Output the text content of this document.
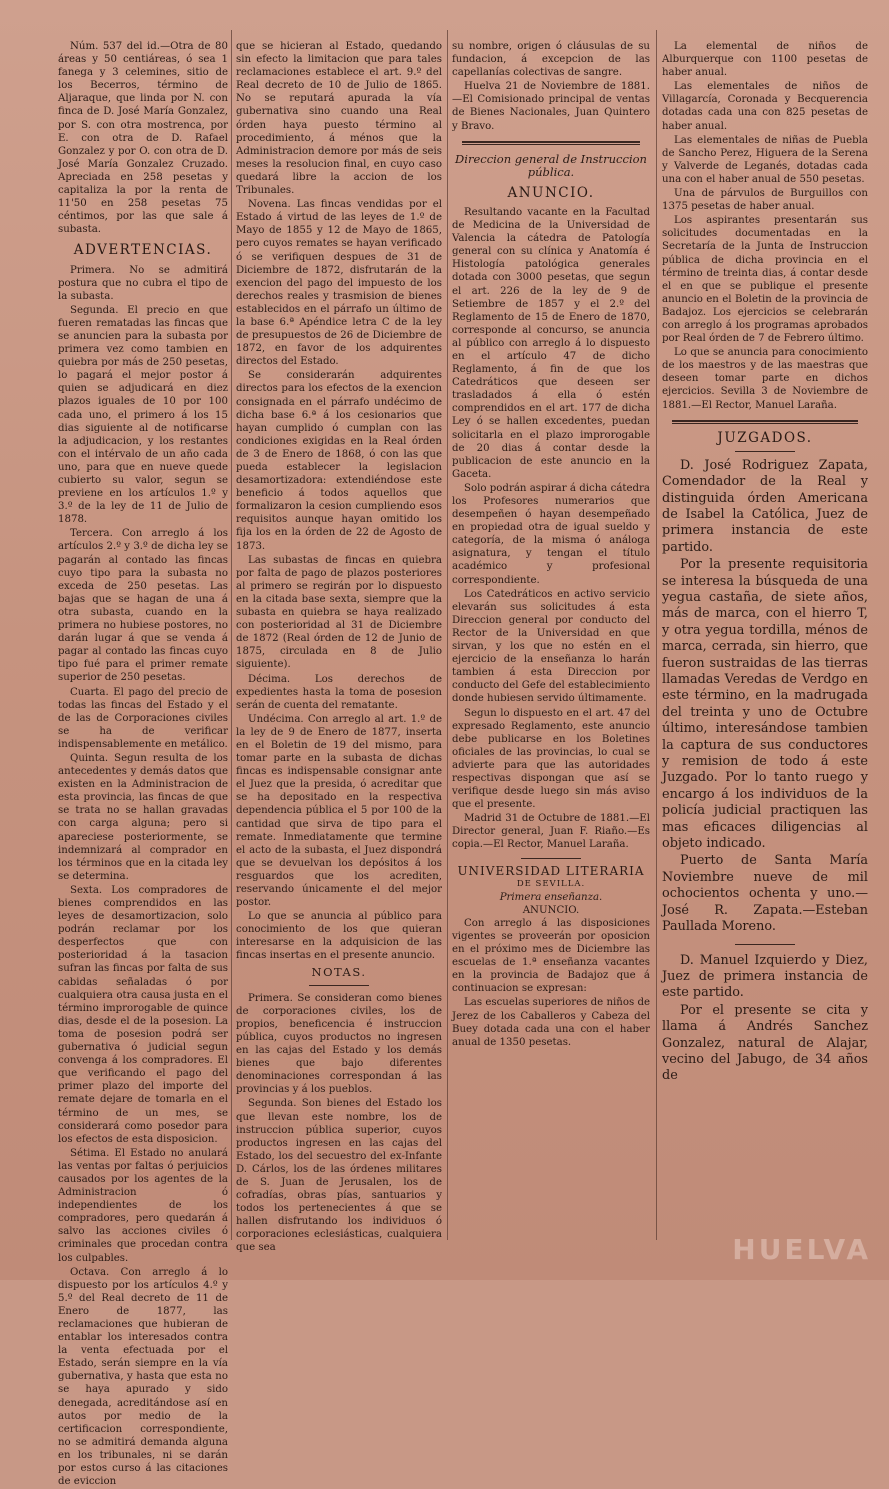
Núm. 537 del id.—Otra de 80 áreas y 50 centiáreas, ó sea 1 fanega y 3 celemines, sitio de los Becerros, término de Aljaraque, que linda por N. con finca de D. José María Gonzalez, por S. con otra mostrenca, por E. con otra de D. Rafael Gonzalez y por O. con otra de D. José María Gonzalez Cruzado. Apreciada en 258 pesetas y capitaliza la por la renta de 11'50 en 258 pesetas 75 céntimos, por las que sale á subasta.

ADVERTENCIAS.

Primera. No se admitirá postura que no cubra el tipo de la subasta.

Segunda. El precio en que fueren rematadas las fincas que se anuncien para la subasta por primera vez como tambien en quiebra por más de 250 pesetas, lo pagará el mejor postor á quien se adjudicará en diez plazos iguales de 10 por 100 cada uno, el primero á los 15 dias siguiente al de notificarse la adjudicacion, y los restantes con el intérvalo de un año cada uno, para que en nueve quede cubierto su valor, segun se previene en los artículos 1.º y 3.º de la ley de 11 de Julio de 1878.

Tercera. Con arreglo á los artículos 2.º y 3.º de dicha ley se pagarán al contado las fincas cuyo tipo para la subasta no exceda de 250 pesetas. Las bajas que se hagan de una á otra subasta, cuando en la primera no hubiese postores, no darán lugar á que se venda á pagar al contado las fincas cuyo tipo fué para el primer remate superior de 250 pesetas.

Cuarta. El pago del precio de todas las fincas del Estado y el de las de Corporaciones civiles se ha de verificar indispensablemente en metálico.

Quinta. Segun resulta de los antecedentes y demás datos que existen en la Administracion de esta provincia, las fincas de que se trata no se hallan gravadas con carga alguna; pero si apareciese posteriormente, se indemnizará al comprador en los términos que en la citada ley se determina.

Sexta. Los compradores de bienes comprendidos en las leyes de desamortizacion, solo podrán reclamar por los desperfectos que con posterioridad á la tasacion sufran las fincas por falta de sus cabidas señaladas ó por cualquiera otra causa justa en el término improrogable de quince dias, desde el de la posesion. La toma de posesion podrá ser gubernativa ó judicial segun convenga á los compradores. El que verificando el pago del primer plazo del importe del remate dejare de tomarla en el término de un mes, se considerará como posedor para los efectos de esta disposicion.

Sétima. El Estado no anulará las ventas por faltas ó perjuicios causados por los agentes de la Administracion ó independientes de los compradores, pero quedarán á salvo las acciones civiles ó criminales que procedan contra los culpables.

Octava. Con arreglo á lo dispuesto por los artículos 4.º y 5.º del Real decreto de 11 de Enero de 1877, las reclamaciones que hubieran de entablar los interesados contra la venta efectuada por el Estado, serán siempre en la vía gubernativa, y hasta que esta no se haya apurado y sido denegada, acreditándose así en autos por medio de la certificacion correspondiente, no se admitirá demanda alguna en los tribunales, ni se darán por estos curso á las citaciones de eviccion

que se hicieran al Estado, quedando sin efecto la limitacion que para tales reclamaciones establece el art. 9.º del Real decreto de 10 de Julio de 1865. No se reputará apurada la vía gubernativa sino cuando una Real órden haya puesto término al procedimiento, á ménos que la Administracion demore por más de seis meses la resolucion final, en cuyo caso quedará libre la accion de los Tribunales.

Novena. Las fincas vendidas por el Estado á virtud de las leyes de 1.º de Mayo de 1855 y 12 de Mayo de 1865, pero cuyos remates se hayan verificado ó se verifiquen despues de 31 de Diciembre de 1872, disfrutarán de la exencion del pago del impuesto de los derechos reales y trasmision de bienes establecidos en el párrafo un último de la base 6.ª Apéndice letra C de la ley de presupuestos de 26 de Diciembre de 1872, en favor de los adquirentes directos del Estado.

Se considerarán adquirentes directos para los efectos de la exencion consignada en el párrafo undécimo de dicha base 6.ª á los cesionarios que hayan cumplido ó cumplan con las condiciones exigidas en la Real órden de 3 de Enero de 1868, ó con las que pueda establecer la legislacion desamortizadora: extendiéndose este beneficio á todos aquellos que formalizaron la cesion cumpliendo esos requisitos aunque hayan omitido los fija los en la órden de 22 de Agosto de 1873.

Las subastas de fincas en quiebra por falta de pago de plazos posteriores al primero se regirán por lo dispuesto en la citada base sexta, siempre que la subasta en quiebra se haya realizado con posterioridad al 31 de Diciembre de 1872 (Real órden de 12 de Junio de 1875, circulada en 8 de Julio siguiente).

Décima. Los derechos de expedientes hasta la toma de posesion serán de cuenta del rematante.

Undécima. Con arreglo al art. 1.º de la ley de 9 de Enero de 1877, inserta en el Boletin de 19 del mismo, para tomar parte en la subasta de dichas fincas es indispensable consignar ante el Juez que la presida, ó acreditar que se ha depositado en la respectiva dependencia pública el 5 por 100 de la cantidad que sirva de tipo para el remate. Inmediatamente que termine el acto de la subasta, el Juez dispondrá que se devuelvan los depósitos á los resguardos que los acrediten, reservando únicamente el del mejor postor.

Lo que se anuncia al público para conocimiento de los que quieran interesarse en la adquisicion de las fincas insertas en el presente anuncio.

NOTAS.

Primera. Se consideran como bienes de corporaciones civiles, los de propios, beneficencia é instruccion pública, cuyos productos no ingresen en las cajas del Estado y los demás bienes que bajo diferentes denominaciones correspondan á las provincias y á los pueblos.

Segunda. Son bienes del Estado los que llevan este nombre, los de instruccion pública superior, cuyos productos ingresen en las cajas del Estado, los del secuestro del ex-Infante D. Cárlos, los de las órdenes militares de S. Juan de Jerusalen, los de cofradías, obras pías, santuarios y todos los pertenecientes á que se hallen disfrutando los individuos ó corporaciones eclesiásticas, cualquiera que sea

su nombre, origen ó cláusulas de su fundacion, á excepcion de las capellanías colectivas de sangre.

Huelva 21 de Noviembre de 1881.—El Comisionado principal de ventas de Bienes Nacionales, Juan Quintero y Bravo.

Direccion general de Instruccion pública.
ANUNCIO.

Resultando vacante en la Facultad de Medicina de la Universidad de Valencia la cátedra de Patología general con su clínica y Anatomía é Histología patológica generales dotada con 3000 pesetas, que segun el art. 226 de la ley de 9 de Setiembre de 1857 y el 2.º del Reglamento de 15 de Enero de 1870, corresponde al concurso, se anuncia al público con arreglo á lo dispuesto en el artículo 47 de dicho Reglamento, á fin de que los Catedráticos que deseen ser trasladados á ella ó estén comprendidos en el art. 177 de dicha Ley ó se hallen excedentes, puedan solicitarla en el plazo improrogable de 20 dias á contar desde la publicacion de este anuncio en la Gaceta.

Solo podrán aspirar á dicha cátedra los Profesores numerarios que desempeñen ó hayan desempeñado en propiedad otra de igual sueldo y categoría, de la misma ó análoga asignatura, y tengan el título académico y profesional correspondiente.

Los Catedráticos en activo servicio elevarán sus solicitudes á esta Direccion general por conducto del Rector de la Universidad en que sirvan, y los que no estén en el ejercicio de la enseñanza lo harán tambien á esta Direccion por conducto del Gefe del establecimiento donde hubiesen servido últimamente.

Segun lo dispuesto en el art. 47 del expresado Reglamento, este anuncio debe publicarse en los Boletines oficiales de las provincias, lo cual se advierte para que las autoridades respectivas dispongan que así se verifique desde luego sin más aviso que el presente.

Madrid 31 de Octubre de 1881.—El Director general, Juan F. Riaño.—Es copia.—El Rector, Manuel Laraña.

UNIVERSIDAD LITERARIA
DE SEVILLA.
Primera enseñanza.
ANUNCIO.

Con arreglo á las disposiciones vigentes se proveerán por oposicion en el próximo mes de Diciembre las escuelas de 1.ª enseñanza vacantes en la provincia de Badajoz que á continuacion se expresan:

Las escuelas superiores de niños de Jerez de los Caballeros y Cabeza del Buey dotada cada una con el haber anual de 1350 pesetas.

La elemental de niños de Alburquerque con 1100 pesetas de haber anual.

Las elementales de niños de Villagarcía, Coronada y Becquerencia dotadas cada una con 825 pesetas de haber anual.

Las elementales de niñas de Puebla de Sancho Perez, Higuera de la Serena y Valverde de Leganés, dotadas cada una con el haber anual de 550 pesetas.

Una de párvulos de Burguillos con 1375 pesetas de haber anual.

Los aspirantes presentarán sus solicitudes documentadas en la Secretaría de la Junta de Instruccion pública de dicha provincia en el término de treinta dias, á contar desde el en que se publique el presente anuncio en el Boletin de la provincia de Badajoz. Los ejercicios se celebrarán con arreglo á los programas aprobados por Real órden de 7 de Febrero último.

Lo que se anuncia para conocimiento de los maestros y de las maestras que deseen tomar parte en dichos ejercicios. Sevilla 3 de Noviembre de 1881.—El Rector, Manuel Laraña.

JUZGADOS.

D. José Rodriguez Zapata, Comendador de la Real y distinguida órden Americana de Isabel la Católica, Juez de primera instancia de este partido.

Por la presente requisitoria se interesa la búsqueda de una yegua castaña, de siete años, más de marca, con el hierro T, y otra yegua tordilla, ménos de marca, cerrada, sin hierro, que fueron sustraidas de las tierras llamadas Veredas de Verdgo en este término, en la madrugada del treinta y uno de Octubre último, interesándose tambien la captura de sus conductores y remision de todo á este Juzgado. Por lo tanto ruego y encargo á los individuos de la policía judicial practiquen las mas eficaces diligencias al objeto indicado.

Puerto de Santa María Noviembre nueve de mil ochocientos ochenta y uno.—José R. Zapata.—Esteban Paullada Moreno.

D. Manuel Izquierdo y Diez, Juez de primera instancia de este partido.

Por el presente se cita y llama á Andrés Sanchez Gonzalez, natural de Alajar, vecino del Jabugo, de 34 años de

HUELVA
